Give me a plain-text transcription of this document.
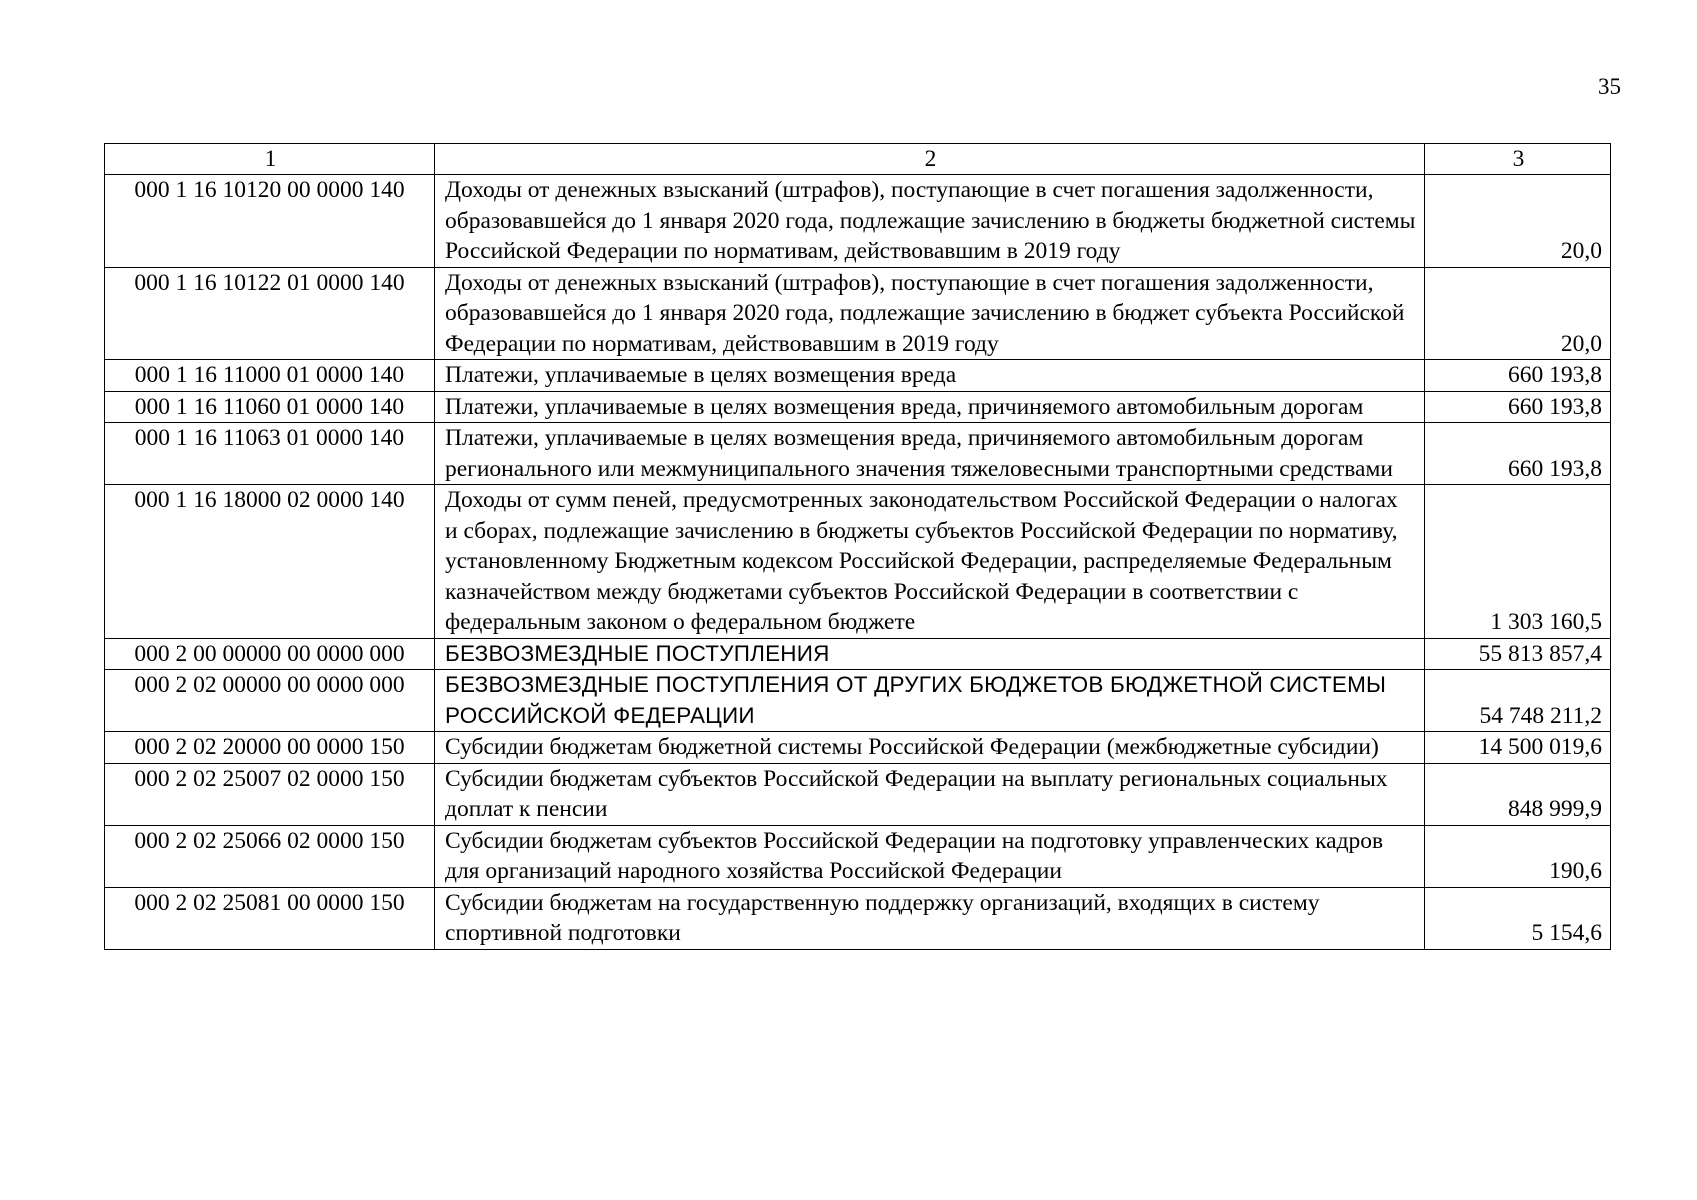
35
1	2	3
000 1 16 10120 00 0000 140	Доходы от денежных взысканий (штрафов), поступающие в счет погашения задолженности, образовавшейся до 1 января 2020 года, подлежащие зачислению в бюджеты бюджетной системы Российской Федерации по нормативам, действовавшим в 2019 году	20,0
000 1 16 10122 01 0000 140	Доходы от денежных взысканий (штрафов), поступающие в счет погашения задолженности, образовавшейся до 1 января 2020 года, подлежащие зачислению в бюджет субъекта Российской Федерации по нормативам, действовавшим в 2019 году	20,0
000 1 16 11000 01 0000 140	Платежи, уплачиваемые в целях возмещения вреда	660 193,8
000 1 16 11060 01 0000 140	Платежи, уплачиваемые в целях возмещения вреда, причиняемого автомобильным дорогам	660 193,8
000 1 16 11063 01 0000 140	Платежи, уплачиваемые в целях возмещения вреда, причиняемого автомобильным дорогам регионального или межмуниципального значения тяжеловесными транспортными средствами	660 193,8
000 1 16 18000 02 0000 140	Доходы от сумм пеней, предусмотренных законодательством Российской Федерации о налогах и сборах, подлежащие зачислению в бюджеты субъектов Российской Федерации по нормативу, установленному Бюджетным кодексом Российской Федерации, распределяемые Федеральным казначейством между бюджетами субъектов Российской Федерации в соответствии с федеральным законом о федеральном бюджете	1 303 160,5
000 2 00 00000 00 0000 000	БЕЗВОЗМЕЗДНЫЕ ПОСТУПЛЕНИЯ	55 813 857,4
000 2 02 00000 00 0000 000	БЕЗВОЗМЕЗДНЫЕ ПОСТУПЛЕНИЯ ОТ ДРУГИХ БЮДЖЕТОВ БЮДЖЕТНОЙ СИСТЕМЫ РОССИЙСКОЙ ФЕДЕРАЦИИ	54 748 211,2
000 2 02 20000 00 0000 150	Субсидии бюджетам бюджетной системы Российской Федерации (межбюджетные субсидии)	14 500 019,6
000 2 02 25007 02 0000 150	Субсидии бюджетам субъектов Российской Федерации на выплату региональных социальных доплат к пенсии	848 999,9
000 2 02 25066 02 0000 150	Субсидии бюджетам субъектов Российской Федерации на подготовку управленческих кадров для организаций народного хозяйства Российской Федерации	190,6
000 2 02 25081 00 0000 150	Субсидии бюджетам на государственную поддержку организаций, входящих в систему спортивной подготовки	5 154,6
